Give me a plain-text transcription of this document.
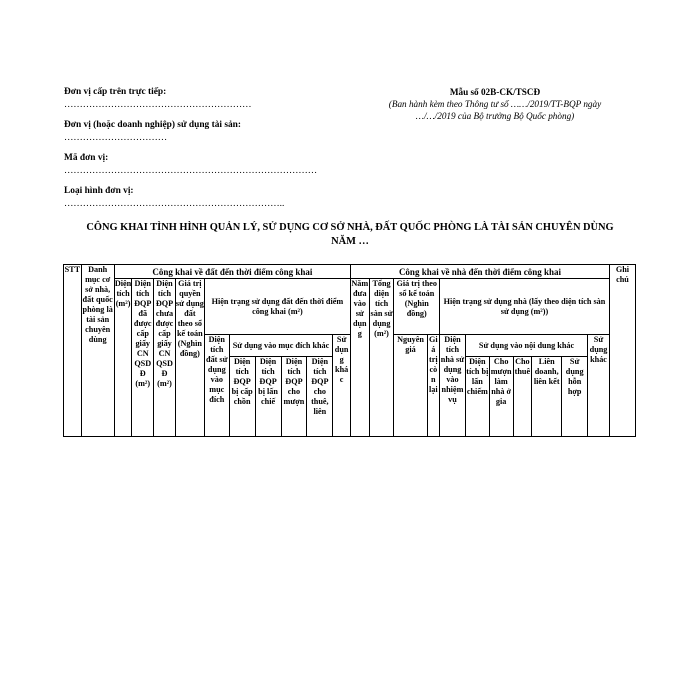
Đơn vị cấp trên trực tiếp:

……………………………………………………

Đơn vị (hoặc doanh nghiệp) sử dụng tài sản:

……………………………

Mã đơn vị:

………………………………………………………………………

Loại hình đơn vị:

……………………………………………………………..

Mẫu số 02B-CK/TSCĐ
(Ban hành kèm theo Thông tư số ……/2019/TT-BQP ngày
…/…/2019 của Bộ trưởng Bộ Quốc phòng)
CÔNG KHAI TÌNH HÌNH QUẢN LÝ, SỬ DỤNG CƠ SỞ NHÀ, ĐẤT QUỐC PHÒNG LÀ TÀI SẢN CHUYÊN DÙNG
NĂM …
STT	Danh mục cơ sở nhà, đất quốc phòng là tài sản chuyên dùng	Công khai về đất đến thời điểm công khai										Công khai về nhà đến thời điểm công khai											Ghi chú
		Diện tích (m²)	Diện tích ĐQP đã được cấp giấy CN QSDĐ (m²)	Diện tích ĐQP chưa được cấp giấy CN QSDĐ (m²)	Giá trị quyền sử dụng đất theo sổ kế toán (Nghìn đồng)	Hiện trạng sử dụng đất đến thời điểm công khai (m²)						Năm đưa vào sử dụng	Tổng diện tích sàn sử dụng (m²)	Giá trị theo sổ kế toán (Nghìn đồng)		Hiện trạng sử dụng nhà (lấy theo diện tích sàn sử dụng (m²))							
						Diện tích đất sử dụng vào mục đích	Sử dụng vào mục đích khác				Sử dụng khác			Nguyên giá	Giá trị còn lại	Diện tích nhà sử dụng vào nhiệm vụ	Sử dụng vào nội dung khác					Sử dụng khác	
							Diện tích ĐQP bị cấp chồn	Diện tích ĐQP bị lấn chiế	Diện tích ĐQP cho mượn	Diện tích ĐQP cho thuê, liên							Diện tích bị lấn chiếm	Cho mượn làm nhà ở gia	Cho thuê	Liên doanh, liên kết	Sử dụng hỗn hợp		
